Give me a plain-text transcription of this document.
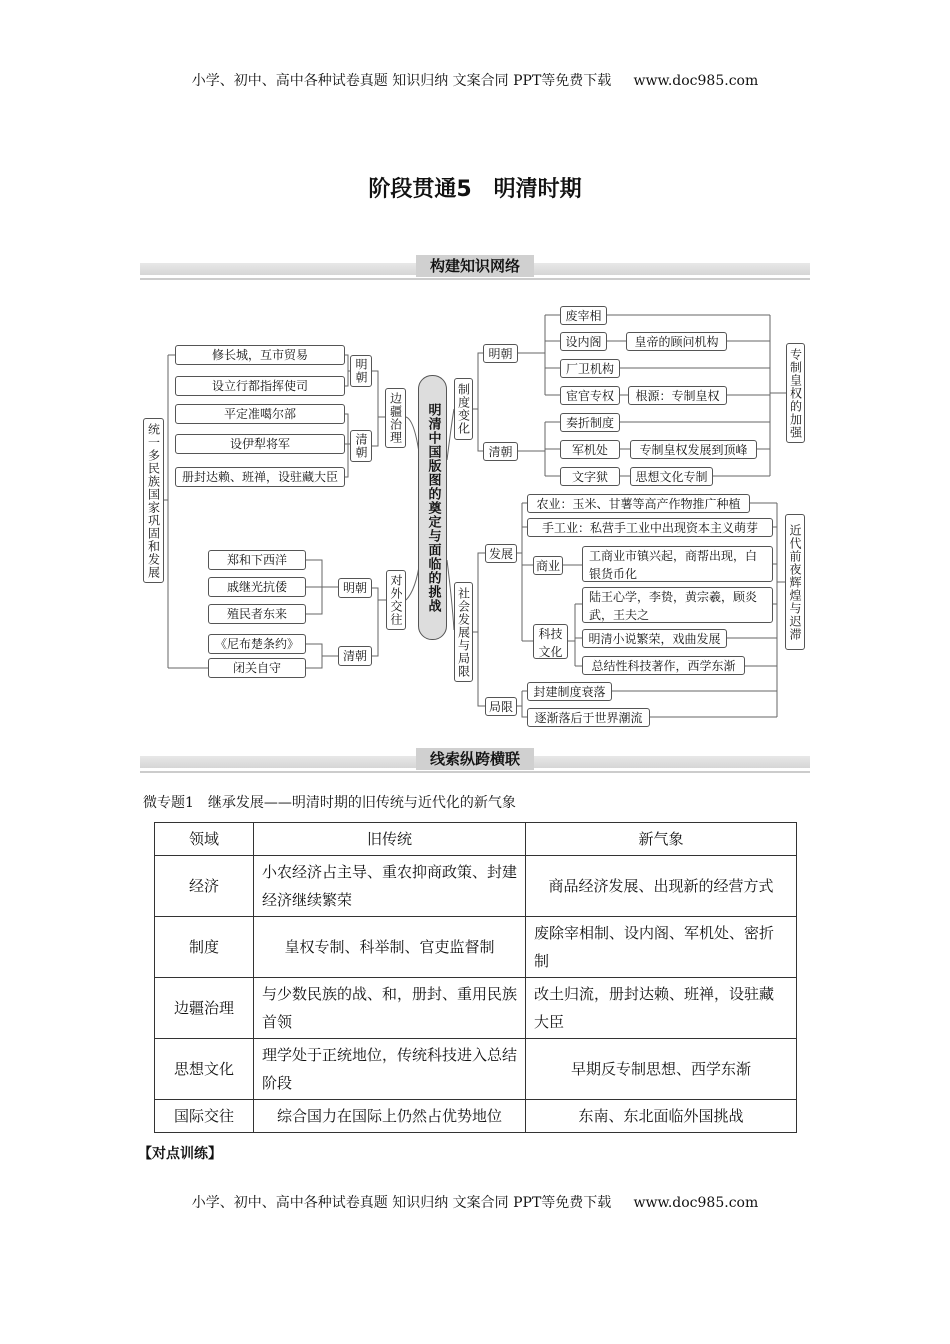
小学、初中、高中各种试卷真题 知识归纳 文案合同 PPT等免费下载 www.doc985.com
阶段贯通5　明清时期
构建知识网络
统一多民族国家巩固和发展
修长城，互市贸易
设立行都指挥使司
平定准噶尔部
设伊犁将军
册封达赖、班禅，设驻藏大臣
明朝
清朝
边疆治理	明清中国版图的奠定与面临的挑战
郑和下西洋
戚继光抗倭
殖民者东来
《尼布楚条约》
闭关自守
明朝
清朝
对外交往
制度变化
明朝
清朝
废宰相
设内阁	皇帝的顾问机构
厂卫机构
宦官专权	根源：专制皇权
奏折制度
军机处	专制皇权发展到顶峰
文字狱	思想文化专制
专制皇权的加强
社会发展与局限
发展
局限
农业：玉米、甘薯等高产作物推广种植
手工业：私营手工业中出现资本主义萌芽
商业
工商业市镇兴起，商帮出现，白银货币化
科技文化
陆王心学，李贽，黄宗羲，顾炎武，王夫之
明清小说繁荣，戏曲发展
总结性科技著作，西学东渐
封建制度衰落
逐渐落后于世界潮流
近代前夜辉煌与迟滞
线索纵跨横联
微专题1　继承发展——明清时期的旧传统与近代化的新气象
领域	旧传统	新气象
经济	小农经济占主导、重农抑商政策、封建经济继续繁荣	商品经济发展、出现新的经营方式
制度	皇权专制、科举制、官吏监督制	废除宰相制、设内阁、军机处、密折制
边疆治理	与少数民族的战、和，册封、重用民族首领	改土归流，册封达赖、班禅，设驻藏大臣
思想文化	理学处于正统地位，传统科技进入总结阶段	早期反专制思想、西学东渐
国际交往	综合国力在国际上仍然占优势地位	东南、东北面临外国挑战
【对点训练】
小学、初中、高中各种试卷真题 知识归纳 文案合同 PPT等免费下载 www.doc985.com
